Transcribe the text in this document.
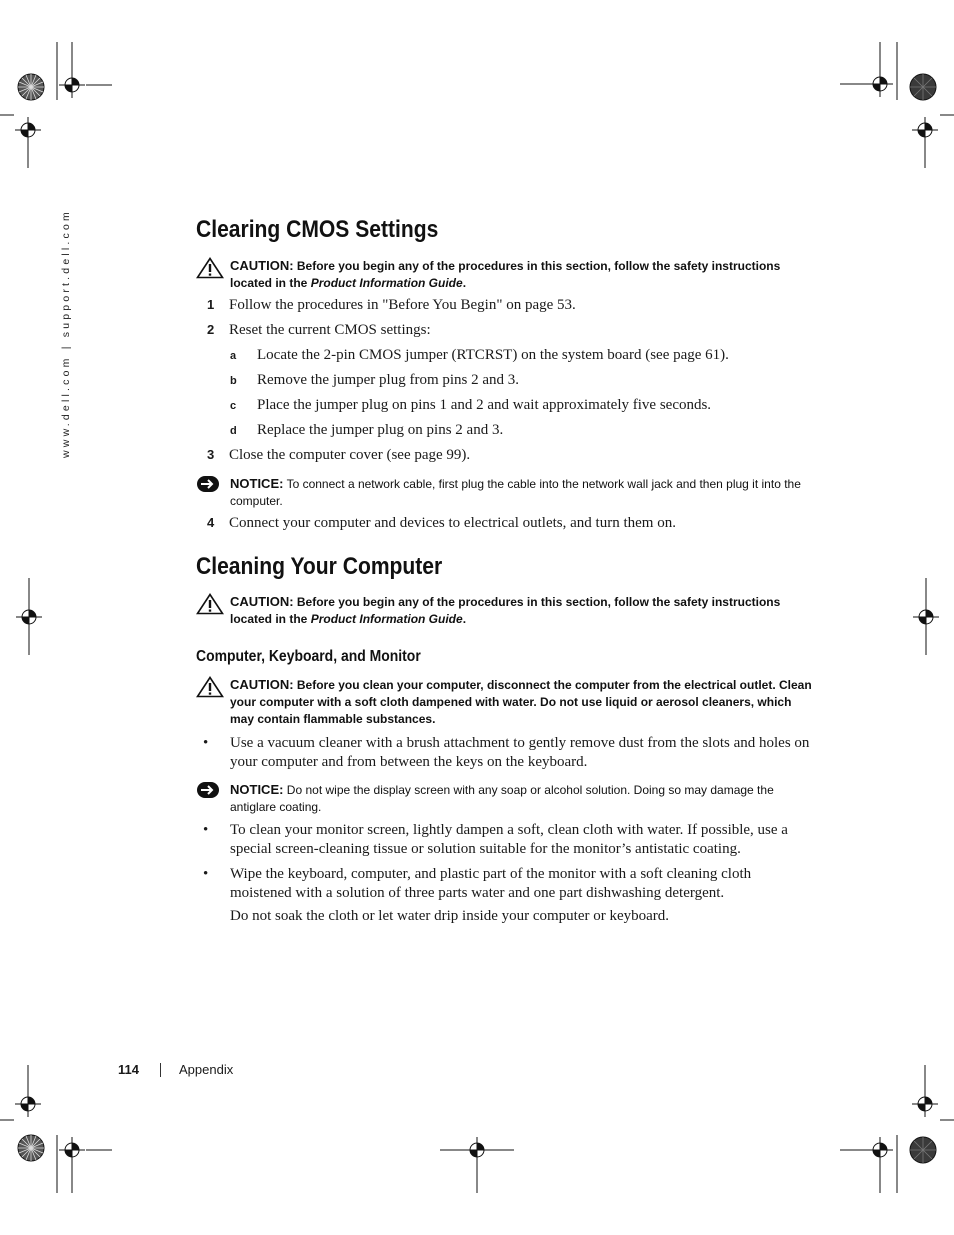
www.dell.com | support.dell.com	Clearing CMOS Settings
CAUTION: Before you begin any of the procedures in this section, follow the safety instructions located in the Product Information Guide.
1 Follow the procedures in "Before You Begin" on page 53.
2 Reset the current CMOS settings:
a Locate the 2-pin CMOS jumper (RTCRST) on the system board (see page 61).
b Remove the jumper plug from pins 2 and 3.
c Place the jumper plug on pins 1 and 2 and wait approximately five seconds.
d Replace the jumper plug on pins 2 and 3.
3 Close the computer cover (see page 99).
NOTICE: To connect a network cable, first plug the cable into the network wall jack and then plug it into the computer.
4 Connect your computer and devices to electrical outlets, and turn them on.
Cleaning Your Computer
CAUTION: Before you begin any of the procedures in this section, follow the safety instructions located in the Product Information Guide.
Computer, Keyboard, and Monitor
CAUTION: Before you clean your computer, disconnect the computer from the electrical outlet. Clean your computer with a soft cloth dampened with water. Do not use liquid or aerosol cleaners, which may contain flammable substances.
• Use a vacuum cleaner with a brush attachment to gently remove dust from the slots and holes on your computer and from between the keys on the keyboard.
NOTICE: Do not wipe the display screen with any soap or alcohol solution. Doing so may damage the antiglare coating.
• To clean your monitor screen, lightly dampen a soft, clean cloth with water. If possible, use a special screen-cleaning tissue or solution suitable for the monitor’s antistatic coating.
• Wipe the keyboard, computer, and plastic part of the monitor with a soft cleaning cloth moistened with a solution of three parts water and one part dishwashing detergent.
Do not soak the cloth or let water drip inside your computer or keyboard.
114	Appendix
